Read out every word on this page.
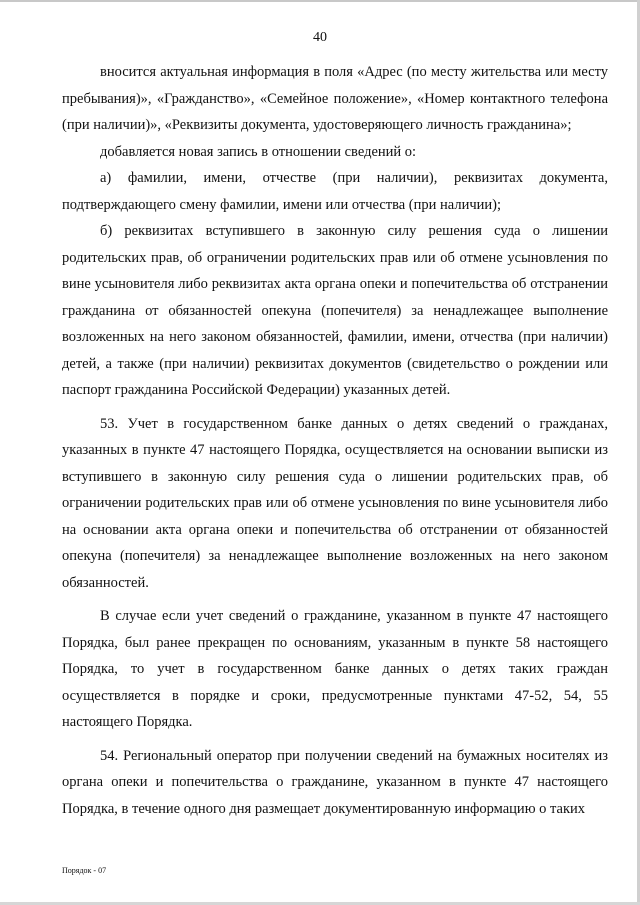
40

вносится актуальная информация в поля «Адрес (по месту жительства или месту пребывания)», «Гражданство», «Семейное положение», «Номер контактного телефона (при наличии)», «Реквизиты документа, удостоверяющего личность гражданина»;

добавляется новая запись в отношении сведений о:

а) фамилии, имени, отчестве (при наличии), реквизитах документа, подтверждающего смену фамилии, имени или отчества (при наличии);

б) реквизитах вступившего в законную силу решения суда о лишении родительских прав, об ограничении родительских прав или об отмене усыновления по вине усыновителя либо реквизитах акта органа опеки и попечительства об отстранении гражданина от обязанностей опекуна (попечителя) за ненадлежащее выполнение возложенных на него законом обязанностей, фамилии, имени, отчества (при наличии) детей, а также (при наличии) реквизитах документов (свидетельство о рождении или паспорт гражданина Российской Федерации) указанных детей.

53. Учет в государственном банке данных о детях сведений о гражданах, указанных в пункте 47 настоящего Порядка, осуществляется на основании выписки из вступившего в законную силу решения суда о лишении родительских прав, об ограничении родительских прав или об отмене усыновления по вине усыновителя либо на основании акта органа опеки и попечительства об отстранении от обязанностей опекуна (попечителя) за ненадлежащее выполнение возложенных на него законом обязанностей.

В случае если учет сведений о гражданине, указанном в пункте 47 настоящего Порядка, был ранее прекращен по основаниям, указанным в пункте 58 настоящего Порядка, то учет в государственном банке данных о детях таких граждан осуществляется в порядке и сроки, предусмотренные пунктами 47-52, 54, 55 настоящего Порядка.

54. Региональный оператор при получении сведений на бумажных носителях из органа опеки и попечительства о гражданине, указанном в пункте 47 настоящего Порядка, в течение одного дня размещает документированную информацию о таких

Порядок - 07
